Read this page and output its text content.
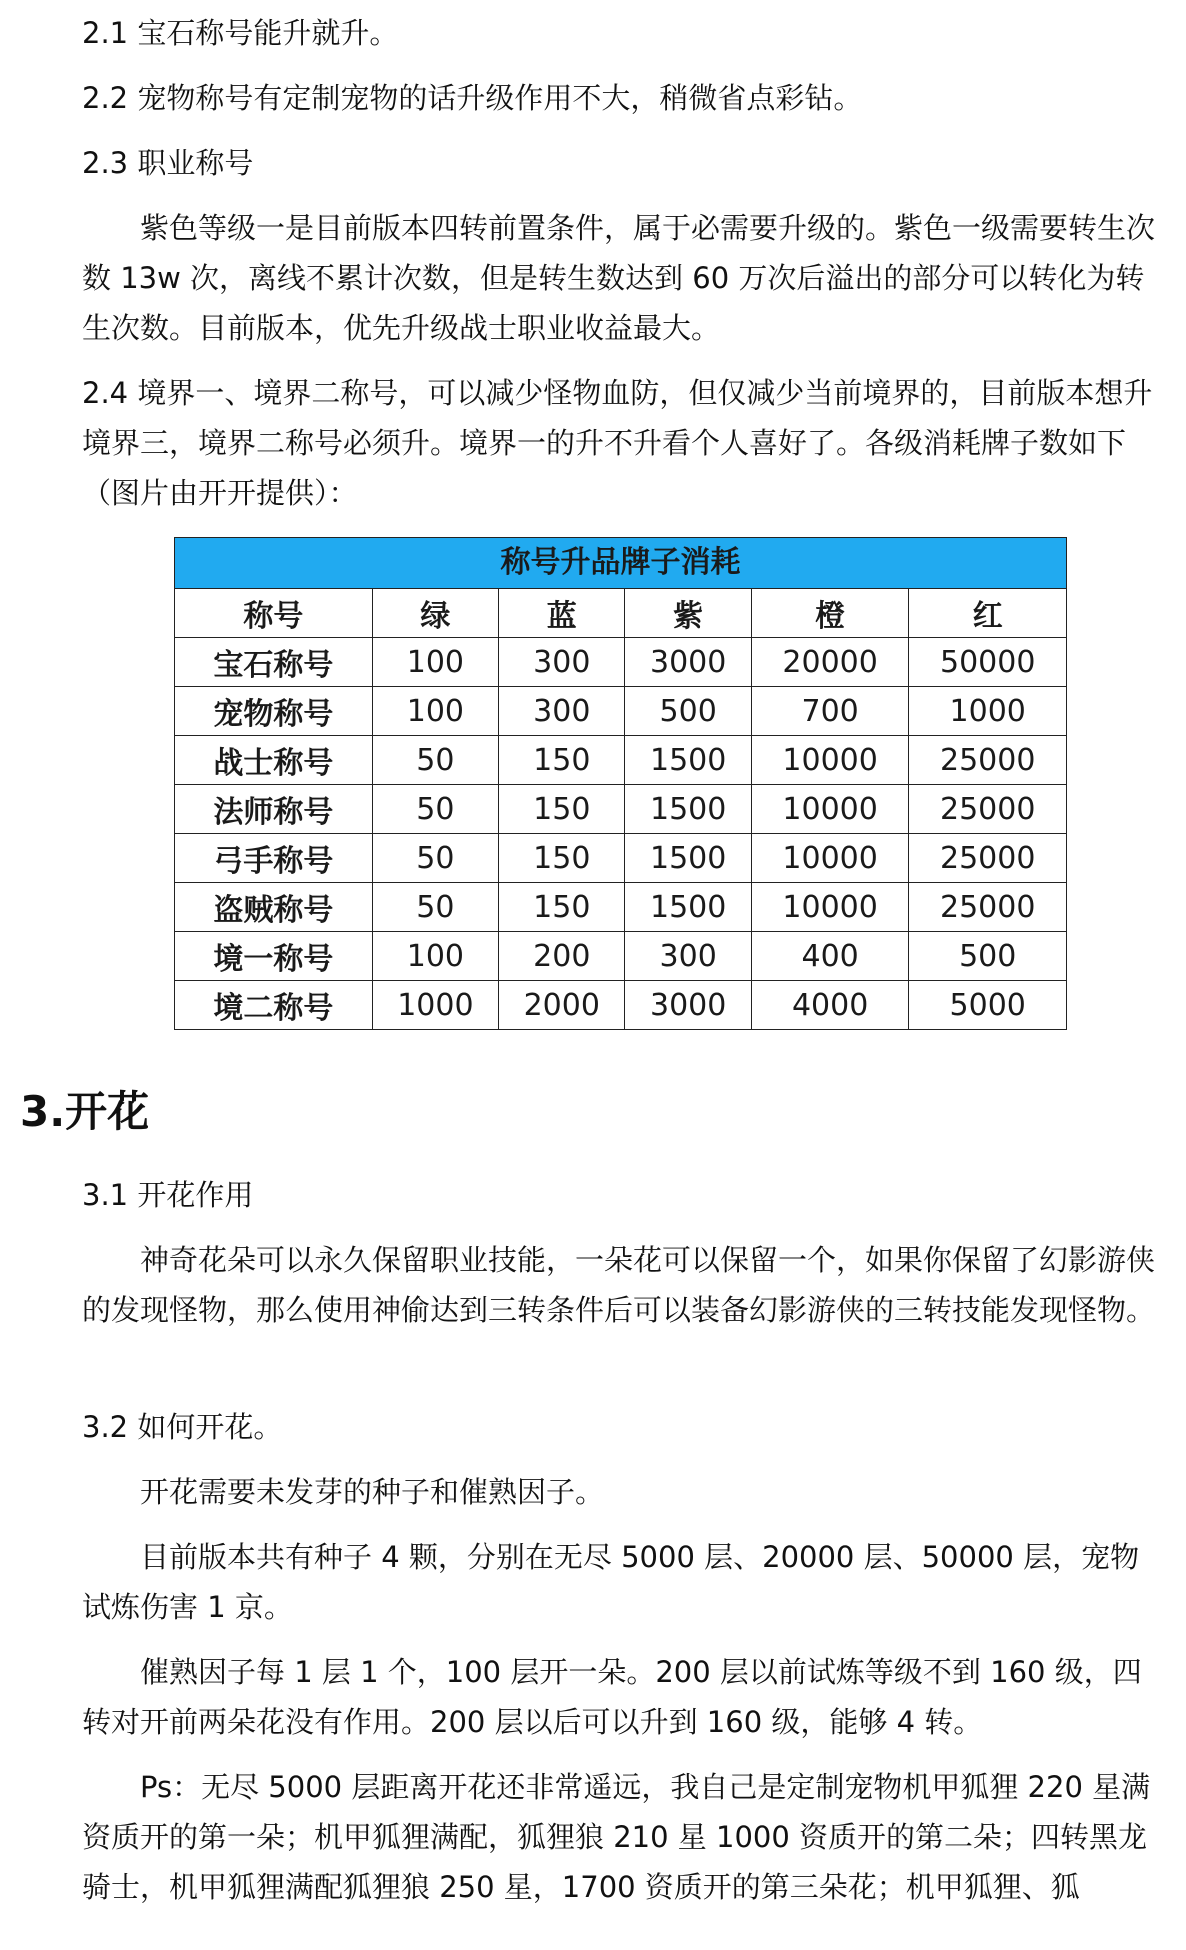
2.1 宝石称号能升就升。

2.2 宠物称号有定制宠物的话升级作用不大，稍微省点彩钻。

2.3 职业称号

紫色等级一是目前版本四转前置条件，属于必需要升级的。紫色一级需要转生次数 13w 次，离线不累计次数，但是转生数达到 60 万次后溢出的部分可以转化为转生次数。目前版本，优先升级战士职业收益最大。

2.4 境界一、境界二称号，可以减少怪物血防，但仅减少当前境界的，目前版本想升境界三，境界二称号必须升。境界一的升不升看个人喜好了。各级消耗牌子数如下（图片由开开提供）：

称号升品牌子消耗
称号	绿	蓝	紫	橙	红
宝石称号	100	300	3000	20000	50000
宠物称号	100	300	500	700	1000
战士称号	50	150	1500	10000	25000
法师称号	50	150	1500	10000	25000
弓手称号	50	150	1500	10000	25000
盗贼称号	50	150	1500	10000	25000
境一称号	100	200	300	400	500
境二称号	1000	2000	3000	4000	5000
3.开花

3.1 开花作用

神奇花朵可以永久保留职业技能，一朵花可以保留一个，如果你保留了幻影游侠的发现怪物，那么使用神偷达到三转条件后可以装备幻影游侠的三转技能发现怪物。

3.2 如何开花。

开花需要未发芽的种子和催熟因子。

目前版本共有种子 4 颗，分别在无尽 5000 层、20000 层、50000 层，宠物试炼伤害 1 京。

催熟因子每 1 层 1 个，100 层开一朵。200 层以前试炼等级不到 160 级，四转对开前两朵花没有作用。200 层以后可以升到 160 级，能够 4 转。

Ps：无尽 5000 层距离开花还非常遥远，我自己是定制宠物机甲狐狸 220 星满资质开的第一朵；机甲狐狸满配，狐狸狼 210 星 1000 资质开的第二朵；四转黑龙骑士，机甲狐狸满配狐狸狼 250 星，1700 资质开的第三朵花；机甲狐狸、狐
